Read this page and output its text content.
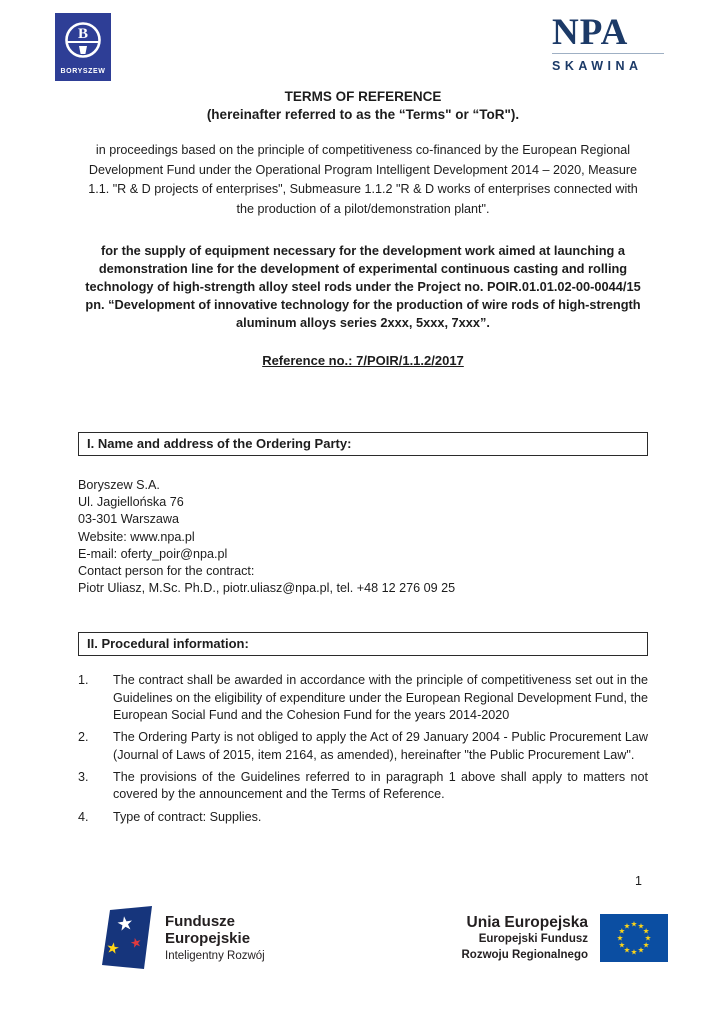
B
BORYSZEW
NPA
SKAWINA
TERMS OF REFERENCE
(hereinafter referred to as the “Terms" or “ToR").

in proceedings based on the principle of competitiveness co-financed by the European Regional Development Fund under the Operational Program Intelligent Development 2014 – 2020, Measure 1.1. "R & D projects of enterprises", Submeasure 1.1.2 "R & D works of enterprises connected with the production of a pilot/demonstration plant".

for the supply of equipment necessary for the development work aimed at launching a demonstration line for the development of experimental continuous casting and rolling technology of high-strength alloy steel rods under the Project no. POIR.01.01.02-00-0044/15 pn. “Development of innovative technology for the production of wire rods of high-strength aluminum alloys series 2xxx, 5xxx, 7xxx”.

Reference no.: 7/POIR/1.1.2/2017

I. Name and address of the Ordering Party:
Boryszew S.A.
Ul. Jagiellońska 76
03-301 Warszawa
Website: www.npa.pl
E-mail: oferty_poir@npa.pl
Contact person for the contract:
Piotr Uliasz, M.Sc. Ph.D., piotr.uliasz@npa.pl, tel. +48 12 276 09 25
II. Procedural information:
1.	The contract shall be awarded in accordance with the principle of competitiveness set out in the Guidelines on the eligibility of expenditure under the European Regional Development Fund, the European Social Fund and the Cohesion Fund for the years 2014-2020
2.	The Ordering Party is not obliged to apply the Act of 29 January 2004 - Public Procurement Law (Journal of Laws of 2015, item 2164, as amended), hereinafter "the Public Procurement Law".
3.	The provisions of the Guidelines referred to in paragraph 1 above shall apply to matters not covered by the announcement and the Terms of Reference.
4.	Type of contract: Supplies.
1
★
★ ★
Fundusze
Europejskie
Inteligentny Rozwój
Unia Europejska
Europejski Fundusz
Rozwoju Regionalnego
★ ★
★
★
★
★
★
★
★
★
★
★
